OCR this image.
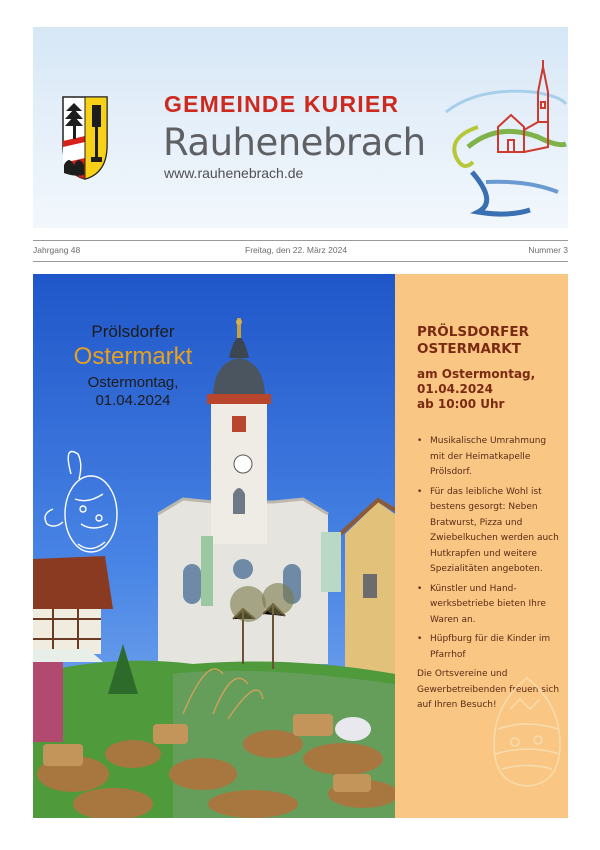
GEMEINDE KURIER
Rauhenebrach
www.rauhenebrach.de
Jahrgang 48	Freitag, den 22. März 2024	Nummer 3
Prölsdorfer
Ostermarkt
Ostermontag,
01.04.2024
PRÖLSDORFER OSTERMARKT

am Ostermontag,
01.04.2024
ab 10:00 Uhr

• Musikalische Umrahmung mit der Heimatkapelle Prölsdorf.
• Für das leibliche Wohl ist bestens gesorgt: Neben Bratwurst, Pizza und Zwiebelkuchen werden auch Hutkrapfen und weitere Spezialitäten angeboten.
• Künstler und Handwerksbetriebe bieten Ihre Waren an.
• Hüpfburg für die Kinder im Pfarrhof
Die Ortsvereine und Gewerbetreibenden freuen sich auf Ihren Besuch!
